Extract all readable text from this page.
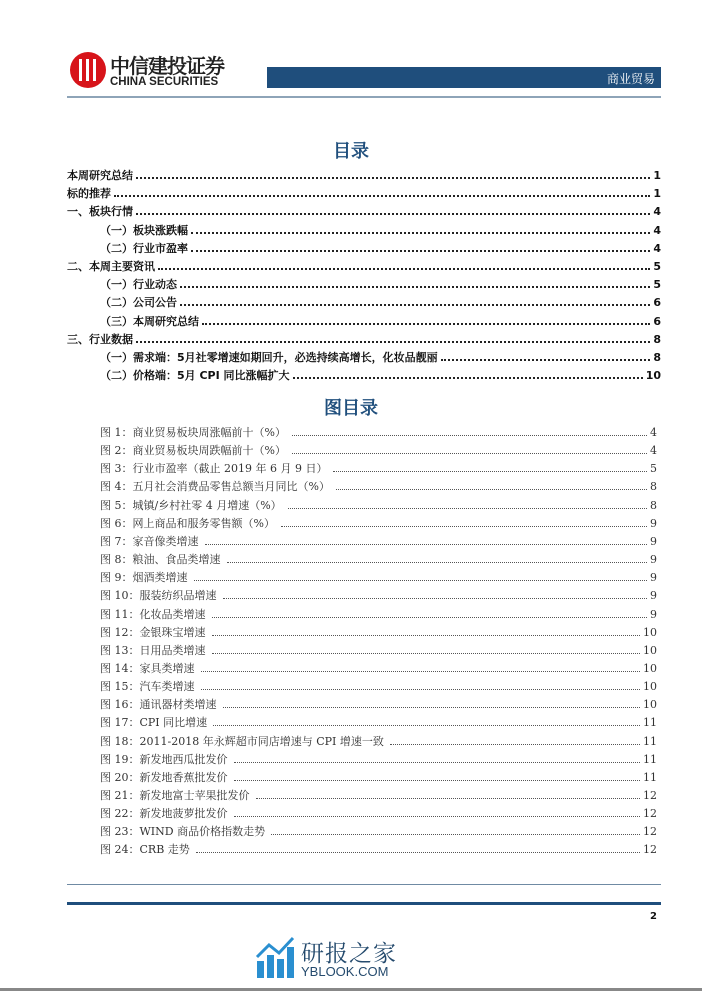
中信建投证券
CHINA SECURITIES	商业贸易
目录
本周研究总结	1
标的推荐	1
一、板块行情	4
（一）板块涨跌幅	4
（二）行业市盈率	4
二、本周主要资讯	5
（一）行业动态	5
（二）公司公告	6
（三）本周研究总结	6
三、行业数据	8
（一）需求端：5月社零增速如期回升，必选持续高增长，化妆品靓丽	8
（二）价格端：5月 CPI 同比涨幅扩大	10
图目录
图 1：商业贸易板块周涨幅前十（%）	4
图 2：商业贸易板块周跌幅前十（%）	4
图 3：行业市盈率（截止 2019 年 6 月 9 日）	5
图 4：五月社会消费品零售总额当月同比（%）	8
图 5：城镇/乡村社零 4 月增速（%）	8
图 6：网上商品和服务零售额（%）	9
图 7：家音像类增速	9
图 8：粮油、食品类增速	9
图 9：烟酒类增速	9
图 10：服装纺织品增速	9
图 11：化妆品类增速	9
图 12：金银珠宝增速	10
图 13：日用品类增速	10
图 14：家具类增速	10
图 15：汽车类增速	10
图 16：通讯器材类增速	10
图 17：CPI 同比增速	11
图 18：2011-2018 年永辉超市同店增速与 CPI 增速一致	11
图 19：新发地西瓜批发价	11
图 20：新发地香蕉批发价	11
图 21：新发地富士苹果批发价	12
图 22：新发地菠萝批发价	12
图 23：WIND 商品价格指数走势	12
图 24：CRB 走势	12
2
研报之家
YBLOOK.COM
